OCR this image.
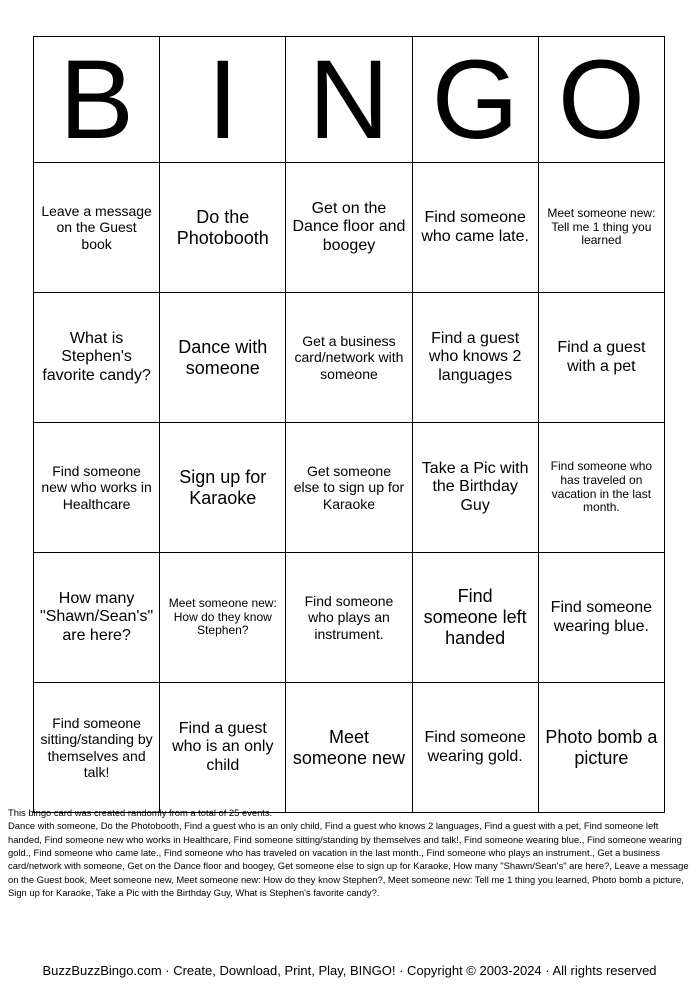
B	I	N	G	O
Leave a message on the Guest book	Do the Photobooth	Get on the Dance floor and boogey	Find someone who came late.	Meet someone new: Tell me 1 thing you learned
What is Stephen's favorite candy?	Dance with someone	Get a business card/network with someone	Find a guest who knows 2 languages	Find a guest with a pet
Find someone new who works in Healthcare	Sign up for Karaoke	Get someone else to sign up for Karaoke	Take a Pic with the Birthday Guy	Find someone who has traveled on vacation in the last month.
How many "Shawn/Sean's" are here?	Meet someone new: How do they know Stephen?	Find someone who plays an instrument.	Find someone left handed	Find someone wearing blue.
Find someone sitting/standing by themselves and talk!	Find a guest who is an only child	Meet someone new	Find someone wearing gold.	Photo bomb a picture
This bingo card was created randomly from a total of 25 events.
Dance with someone, Do the Photobooth, Find a guest who is an only child, Find a guest who knows 2 languages, Find a guest with a pet, Find someone left handed, Find someone new who works in Healthcare, Find someone sitting/standing by themselves and talk!, Find someone wearing blue., Find someone wearing gold., Find someone who came late., Find someone who has traveled on vacation in the last month., Find someone who plays an instrument., Get a business card/network with someone, Get on the Dance floor and boogey, Get someone else to sign up for Karaoke, How many "Shawn/Sean's" are here?, Leave a message on the Guest book, Meet someone new, Meet someone new: How do they know Stephen?, Meet someone new: Tell me 1 thing you learned, Photo bomb a picture, Sign up for Karaoke, Take a Pic with the Birthday Guy, What is Stephen's favorite candy?.
BuzzBuzzBingo.com · Create, Download, Print, Play, BINGO! · Copyright © 2003-2024 · All rights reserved
